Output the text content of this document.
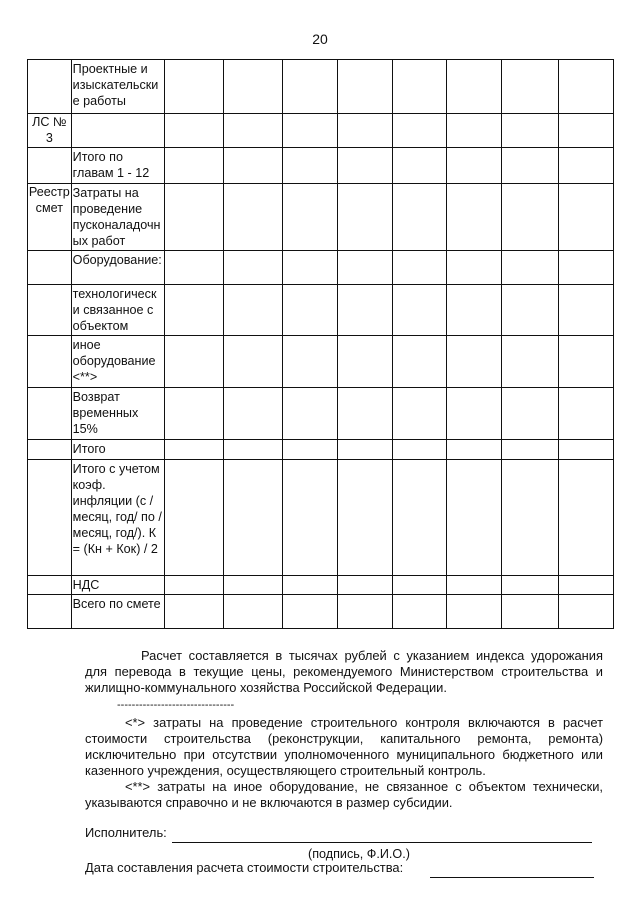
20
	Проектные и изыскательские работы								
ЛС № 3									
	Итого по главам 1 - 12								
Реестр смет	Затраты на проведение пусконаладочных работ								
	Оборудование:								
	технологически связанное с объектом								
	иное оборудование <**>								
	Возврат временных 15%								
	Итого								
	Итого с учетом коэф. инфляции (с / месяц, год/ по /месяц, год/). К = (Кн + Кок) / 2								
	НДС								
	Всего по смете								
Расчет составляется в тысячах рублей с указанием индекса удорожания для перевода в текущие цены, рекомендуемого Министерством строительства и жилищно-коммунального хозяйства Российской Федерации.
--------------------------------
<*> затраты на проведение строительного контроля включаются в расчет стоимости строительства (реконструкции, капитального ремонта, ремонта) исключительно при отсутствии уполномоченного муниципального бюджетного или казенного учреждения, осуществляющего строительный контроль.
<**> затраты на иное оборудование, не связанное с объектом технически, указываются справочно и не включаются в размер субсидии.
Исполнитель:
(подпись, Ф.И.О.)
Дата составления расчета стоимости строительства:
